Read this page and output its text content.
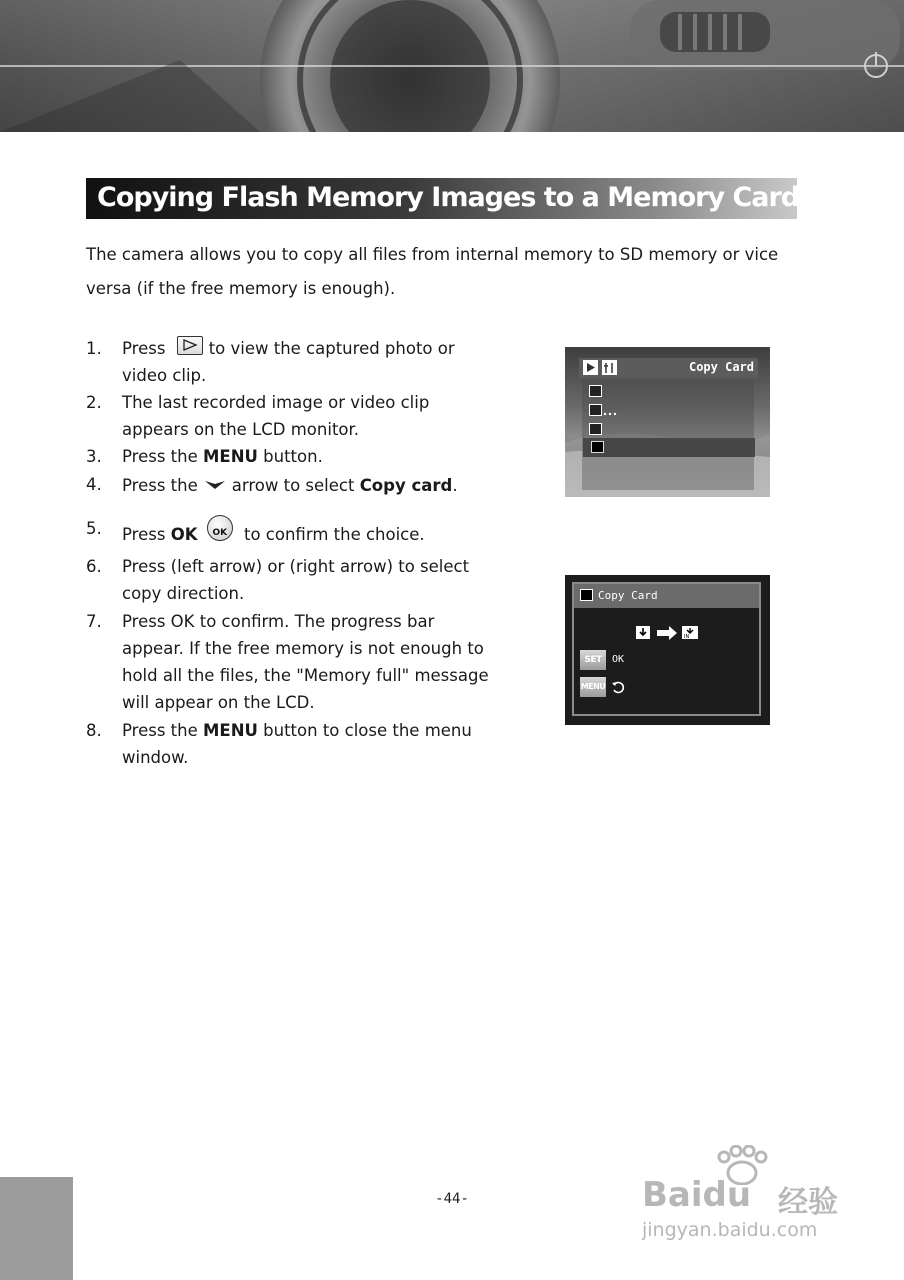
Copying Flash Memory Images to a Memory Card

The camera allows you to copy all files from internal memory to SD memory or vice versa (if the free memory is enough).

1. Press	to view the captured photo or video clip.
2. The last recorded image or video clip appears on the LCD monitor.
3. Press the MENU button.
4. Press the arrow to select Copy card.
5. Press OK OK to confirm the choice.
6. Press (left arrow) or (right arrow) to select copy direction.
7. Press OK to confirm. The progress bar appear. If the free memory is not enough to hold all the files, the "Memory full" message will appear on the LCD.
8. Press the MENU button to close the menu window.
Copy Card
Copy Card
IN
SET	OK
MENU
-44-	Baidu 经验
jingyan.baidu.com
